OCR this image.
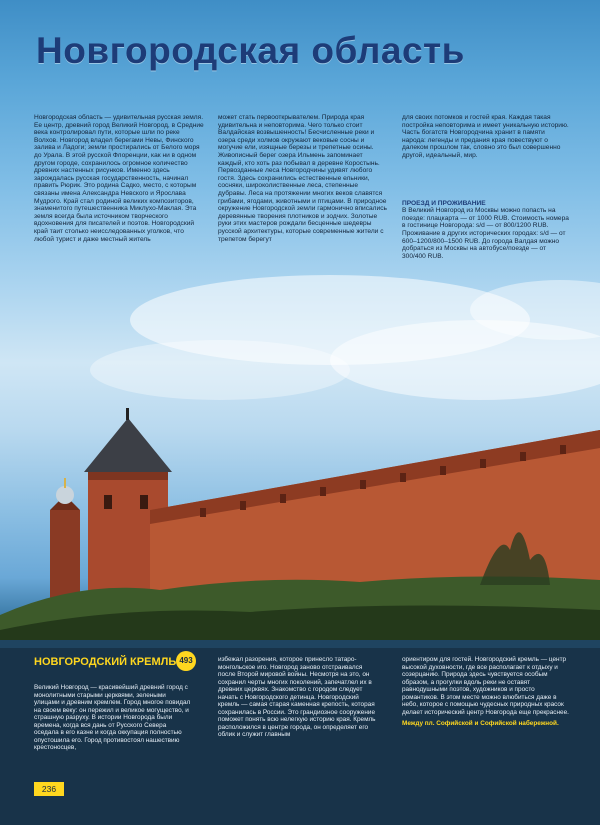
Новгородская область

Новгородская область — удивительная русская земля. Ее центр, древний город Великий Новгород, в Средние века контролировал пути, которые шли по реке Волхов. Новгород владел берегами Невы, Финского залива и Ладоги; земли простирались от Белого моря до Урала. В этой русской Флоренции, как ни в одном другом городе, сохранилось огромное количество древних настенных рисунков. Именно здесь зарождалась русская государственность, начинал править Рюрик. Это родина Садко, место, с которым связаны имена Александра Невского и Ярослава Мудрого. Край стал родиной великих композиторов, знаменитого путешественника Миклухо-Маклая. Эта земля всегда была источником творческого вдохновения для писателей и поэтов. Новгородский край таит столько неисследованных уголков, что любой турист и даже местный житель

может стать первооткрывателем. Природа края удивительна и неповторима. Чего только стоит Валдайская возвышенность! Бесчисленные реки и озера среди холмов окружают вековые сосны и могучие ели, изящные березы и трепетные осины. Живописный берег озера Ильмень запоминает каждый, кто хоть раз побывал в деревне Коростынь. Первозданные леса Новгородчины удивят любого гостя. Здесь сохранились естественные ельники, сосняки, широколиственные леса, степенные дубравы. Леса на протяжении многих веков славятся грибами, ягодами, животными и птицами. В природное окружение Новгородской земли гармонично вписались деревянные творения плотников и зодчих. Золотые руки этих мастеров рождали бесценные шедевры русской архитектуры, которые современные жители с трепетом берегут

для своих потомков и гостей края. Каждая такая постройка неповторима и имеет уникальную историю. Часть богатств Новгородчина хранит в памяти народа: легенды и предания края повествуют о далеком прошлом так, словно это был совершенно другой, идеальный, мир.

ПРОЕЗД И ПРОЖИВАНИЕ

В Великий Новгород из Москвы можно попасть на поезде: плацкарта — от 1000 RUB. Стоимость номера в гостинице Новгорода: s/d — от 800/1200 RUB. Проживание в других исторических городах: s/d — от 600–1200/800–1500 RUB. До города Валдая можно добраться из Москвы на автобусе/поезде — от 300/400 RUB.

НОВГОРОДСКИЙ КРЕМЛЬ 493

Великий Новгород — красивейший древний город с монолитными старыми церквями, зелеными улицами и древним кремлем. Город многое повидал на своем веку: он пережил и великое могущество, и страшную разруху. В истории Новгорода были времена, когда вся дань от Русского Севера оседала в его казне и когда оккупация полностью опустошила его. Город противостоял нашествию крестоносцев,

избежал разорения, которое принесло татаро-монгольское иго. Новгород заново отстраивался после Второй мировой войны. Несмотря на это, он сохранил черты многих поколений, запечатлел их в древних церквях. Знакомство с городом следует начать с Новгородского детинца. Новгородский кремль — самая старая каменная крепость, которая сохранилась в России. Это грандиозное сооружение поможет понять всю нелегкую историю края. Кремль расположился в центре города, он определяет его облик и служит главным

ориентиром для гостей. Новгородский кремль — центр высокой духовности, где все располагает к отдыху и созерцанию. Природа здесь чувствуется особым образом, а прогулки вдоль реки не оставят равнодушными поэтов, художников и просто романтиков. В этом месте можно влюбиться даже в небо, которое с помощью чудесных природных красок делает исторический центр Новгорода еще прекраснее.

Между пл. Софийской и Софийской набережной.

236
